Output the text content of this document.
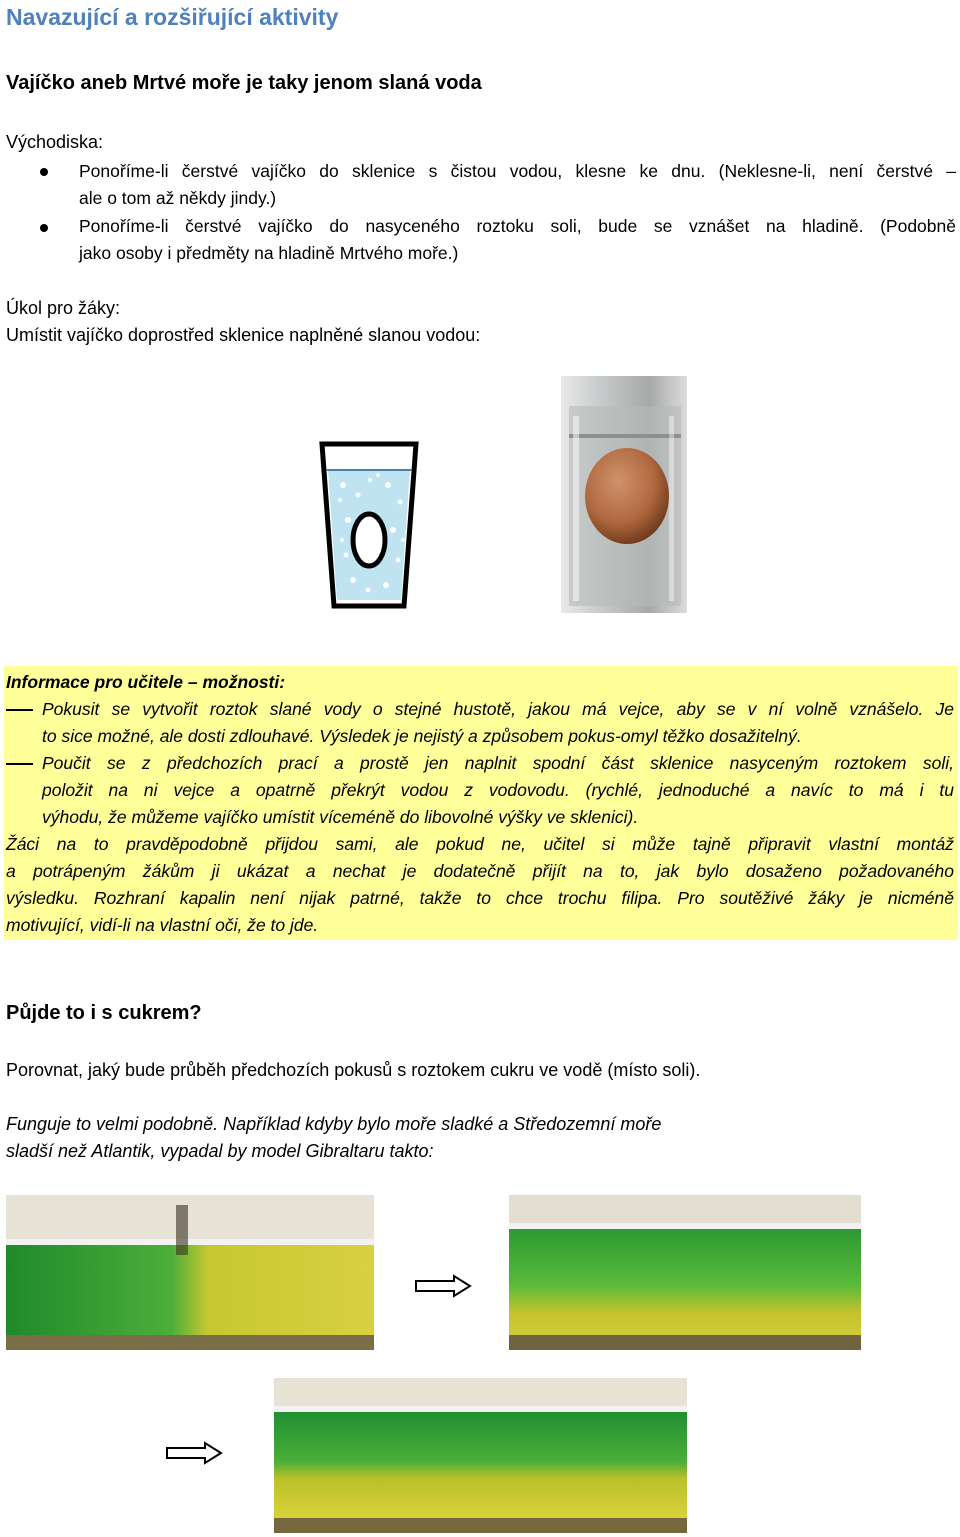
Navazující a rozšiřující aktivity
Vajíčko aneb Mrtvé moře je taky jenom slaná voda
Východiska:
Ponoříme-li čerstvé vajíčko do sklenice s čistou vodou, klesne ke dnu. (Neklesne-li, není čerstvé –
ale o tom až někdy jindy.)
Ponoříme-li čerstvé vajíčko do nasyceného roztoku soli, bude se vznášet na hladině. (Podobně
jako osoby i předměty na hladině Mrtvého moře.)
Úkol pro žáky:
Umístit vajíčko doprostřed sklenice naplněné slanou vodou:
Informace pro učitele – možnosti:
Pokusit se vytvořit roztok slané vody o stejné hustotě, jakou má vejce, aby se v ní volně vznášelo. Je
to sice možné, ale dosti zdlouhavé. Výsledek je nejistý a způsobem pokus-omyl těžko dosažitelný.
Poučit se z předchozích prací a prostě jen naplnit spodní část sklenice nasyceným roztokem soli,
položit na ni vejce a opatrně překrýt vodou z vodovodu. (rychlé, jednoduché a navíc to má i tu
výhodu, že můžeme vajíčko umístit víceméně do libovolné výšky ve sklenici).
Žáci na to pravděpodobně přijdou sami, ale pokud ne, učitel si může tajně připravit vlastní montáž
a potrápeným žákům ji ukázat a nechat je dodatečně přijít na to, jak bylo dosaženo požadovaného
výsledku. Rozhraní kapalin není nijak patrné, takže to chce trochu filipa. Pro soutěživé žáky je nicméně
motivující, vidí-li na vlastní oči, že to jde.
Půjde to i s cukrem?
Porovnat, jaký bude průběh předchozích pokusů s roztokem cukru ve vodě (místo soli).
Funguje to velmi podobně. Například kdyby bylo moře sladké a Středozemní moře
sladší než Atlantik, vypadal by model Gibraltaru takto:
